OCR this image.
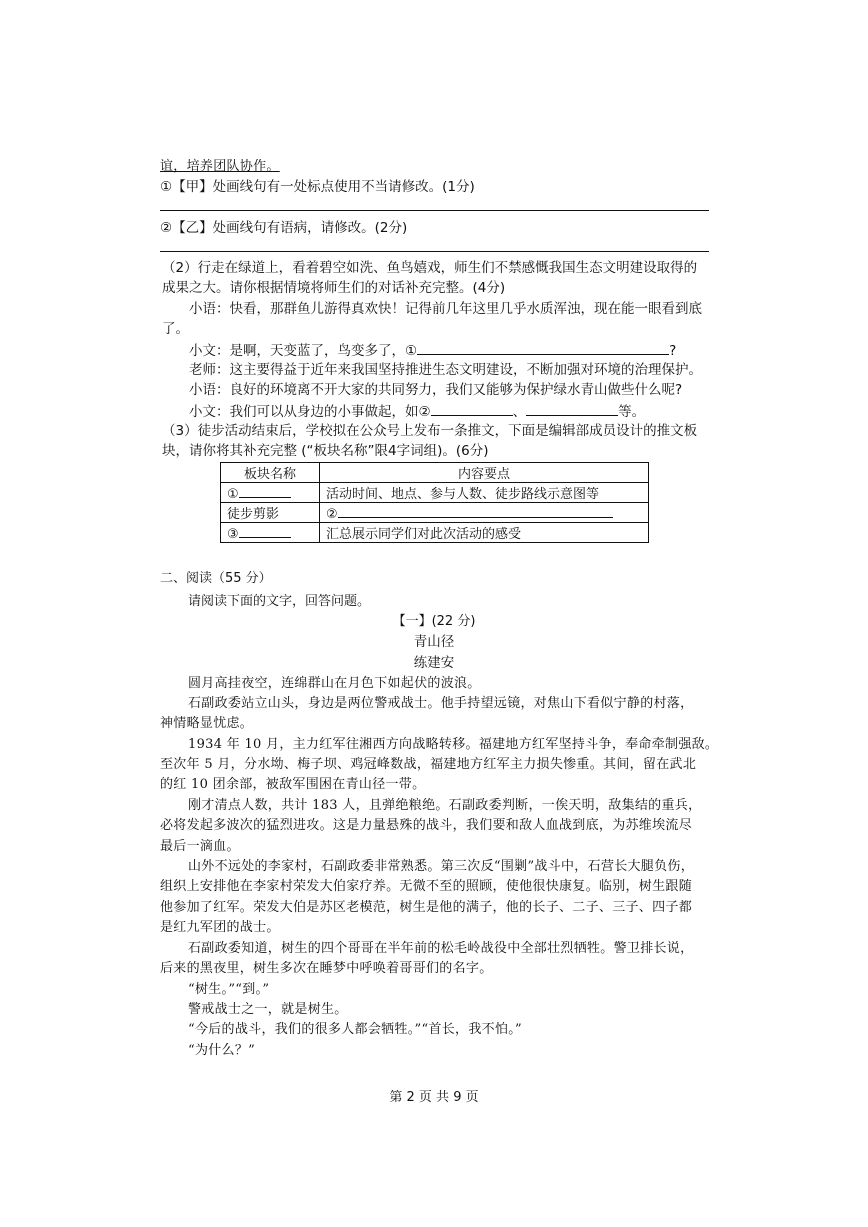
谊，培养团队协作。
①【甲】处画线句有一处标点使用不当请修改。(1分)
②【乙】处画线句有语病，请修改。(2分)
（2）行走在绿道上，看着碧空如洗、鱼鸟嬉戏，师生们不禁感慨我国生态文明建设取得的
成果之大。请你根据情境将师生们的对话补充完整。(4分)
小语：快看，那群鱼儿游得真欢快！记得前几年这里几乎水质浑浊，现在能一眼看到底
了。
小文：是啊，天变蓝了，鸟变多了，①	?
老师：这主要得益于近年来我国坚持推进生态文明建设，不断加强对环境的治理保护。
小语：良好的环境离不开大家的共同努力，我们又能够为保护绿水青山做些什么呢?
小文：我们可以从身边的小事做起，如②	、	等。
（3）徒步活动结束后，学校拟在公众号上发布一条推文，下面是编辑部成员设计的推文板
块，请你将其补充完整 (“板块名称”限4字词组)。(6分)
板块名称	内容要点
①	活动时间、地点、参与人数、徒步路线示意图等
徒步剪影	②
③	汇总展示同学们对此次活动的感受
二、阅读（55 分）
请阅读下面的文字，回答问题。
【一】(22 分)
青山径
练建安
圆月高挂夜空，连绵群山在月色下如起伏的波浪。
石副政委站立山头，身边是两位警戒战士。他手持望远镜，对焦山下看似宁静的村落，
神情略显忧虑。
1934 年 10 月，主力红军往湘西方向战略转移。福建地方红军坚持斗争，奉命牵制强敌。
至次年 5 月，分水坳、梅子坝、鸡冠峰数战，福建地方红军主力损失惨重。其间，留在武北
的红 10 团余部，被敌军围困在青山径一带。
刚才清点人数，共计 183 人，且弹绝粮绝。石副政委判断，一俟天明，敌集结的重兵，
必将发起多波次的猛烈进攻。这是力量悬殊的战斗，我们要和敌人血战到底，为苏维埃流尽
最后一滴血。
山外不远处的李家村，石副政委非常熟悉。第三次反“围剿”战斗中，石营长大腿负伤，
组织上安排他在李家村荣发大伯家疗养。无微不至的照顾，使他很快康复。临别，树生跟随
他参加了红军。荣发大伯是苏区老模范，树生是他的满子，他的长子、二子、三子、四子都
是红九军团的战士。
石副政委知道，树生的四个哥哥在半年前的松毛岭战役中全部壮烈牺牲。警卫排长说，
后来的黑夜里，树生多次在睡梦中呼唤着哥哥们的名字。
“树生。”“到。”
警戒战士之一，就是树生。
“今后的战斗，我们的很多人都会牺牲。”“首长，我不怕。”
“为什么？”
第 2 页 共 9 页
